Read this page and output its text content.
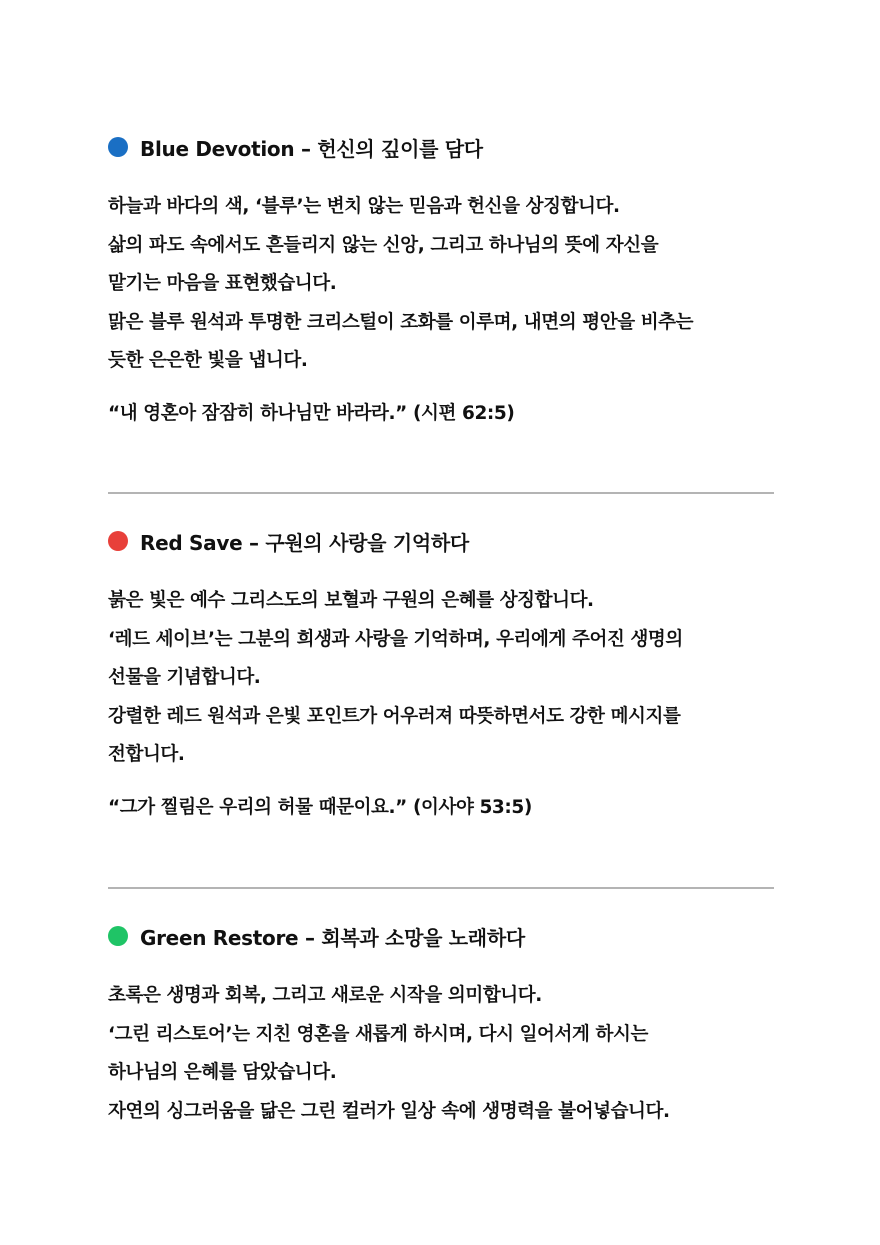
Blue Devotion – 헌신의 깊이를 담다
하늘과 바다의 색, ‘블루’는 변치 않는 믿음과 헌신을 상징합니다.
삶의 파도 속에서도 흔들리지 않는 신앙, 그리고 하나님의 뜻에 자신을
맡기는 마음을 표현했습니다.
맑은 블루 원석과 투명한 크리스털이 조화를 이루며, 내면의 평안을 비추는
듯한 은은한 빛을 냅니다.
“내 영혼아 잠잠히 하나님만 바라라.” (시편 62:5)
Red Save – 구원의 사랑을 기억하다
붉은 빛은 예수 그리스도의 보혈과 구원의 은혜를 상징합니다.
‘레드 세이브’는 그분의 희생과 사랑을 기억하며, 우리에게 주어진 생명의
선물을 기념합니다.
강렬한 레드 원석과 은빛 포인트가 어우러져 따뜻하면서도 강한 메시지를
전합니다.
“그가 찔림은 우리의 허물 때문이요.” (이사야 53:5)
Green Restore – 회복과 소망을 노래하다
초록은 생명과 회복, 그리고 새로운 시작을 의미합니다.
‘그린 리스토어’는 지친 영혼을 새롭게 하시며, 다시 일어서게 하시는
하나님의 은혜를 담았습니다.
자연의 싱그러움을 닮은 그린 컬러가 일상 속에 생명력을 불어넣습니다.
